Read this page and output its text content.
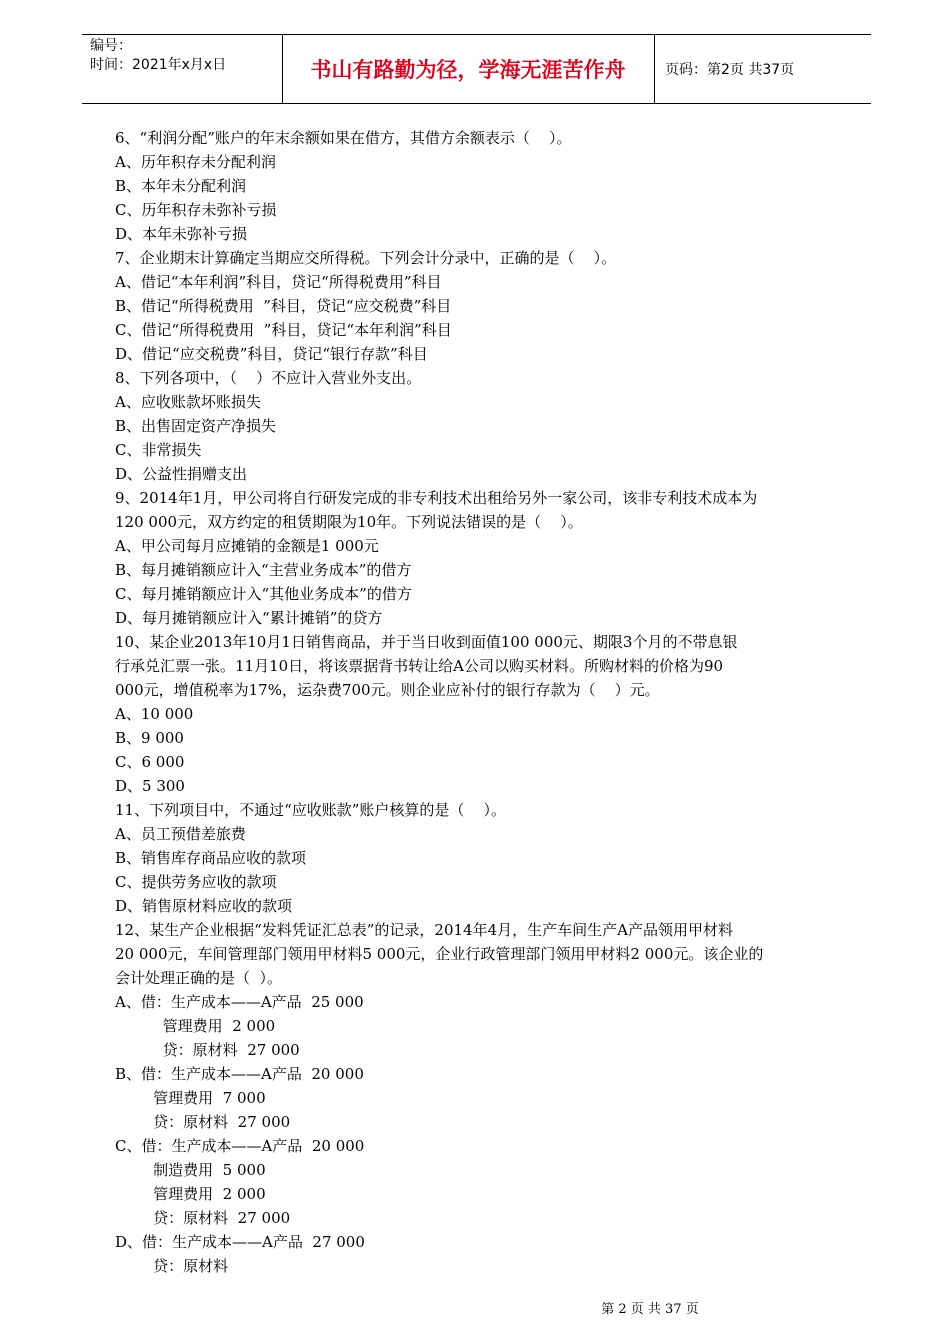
编号：
时间：2021年x月x日	书山有路勤为径，学海无涯苦作舟	页码：第2页 共37页
6、“利润分配”账户的年末余额如果在借方，其借方余额表示（    ）。
A、历年积存未分配利润
B、本年未分配利润
C、历年积存未弥补亏损
D、本年未弥补亏损
7、企业期末计算确定当期应交所得税。下列会计分录中，正确的是（    ）。
A、借记“本年利润”科目，贷记“所得税费用”科目
B、借记“所得税费用  ”科目，贷记“应交税费”科目
C、借记“所得税费用  ”科目，贷记“本年利润”科目
D、借记“应交税费”科目，贷记“银行存款”科目
8、下列各项中，（    ）不应计入营业外支出。
A、应收账款坏账损失
B、出售固定资产净损失
C、非常损失
D、公益性捐赠支出
9、2014年1月，甲公司将自行研发完成的非专利技术出租给另外一家公司，该非专利技术成本为
120 000元，双方约定的租赁期限为10年。下列说法错误的是（    ）。
A、甲公司每月应摊销的金额是1 000元
B、每月摊销额应计入“主营业务成本”的借方
C、每月摊销额应计入“其他业务成本”的借方
D、每月摊销额应计入“累计摊销”的贷方
10、某企业2013年10月1日销售商品，并于当日收到面值100 000元、期限3个月的不带息银
行承兑汇票一张。11月10日，将该票据背书转让给A公司以购买材料。所购材料的价格为90
000元，增值税率为17%，运杂费700元。则企业应补付的银行存款为（    ）元。
A、10 000
B、9 000
C、6 000
D、5 300
11、下列项目中，不通过“应收账款”账户核算的是（    ）。
A、员工预借差旅费
B、销售库存商品应收的款项
C、提供劳务应收的款项
D、销售原材料应收的款项
12、某生产企业根据“发料凭证汇总表”的记录，2014年4月，生产车间生产A产品领用甲材料
20 000元，车间管理部门领用甲材料5 000元，企业行政管理部门领用甲材料2 000元。该企业的
会计处理正确的是（  ）。
A、借：生产成本——A产品  25 000
管理费用  2 000
贷：原材料  27 000
B、借：生产成本——A产品  20 000
管理费用  7 000
贷：原材料  27 000
C、借：生产成本——A产品  20 000
制造费用  5 000
管理费用  2 000
贷：原材料  27 000
D、借：生产成本——A产品  27 000
贷：原材料
第 2 页 共 37 页
